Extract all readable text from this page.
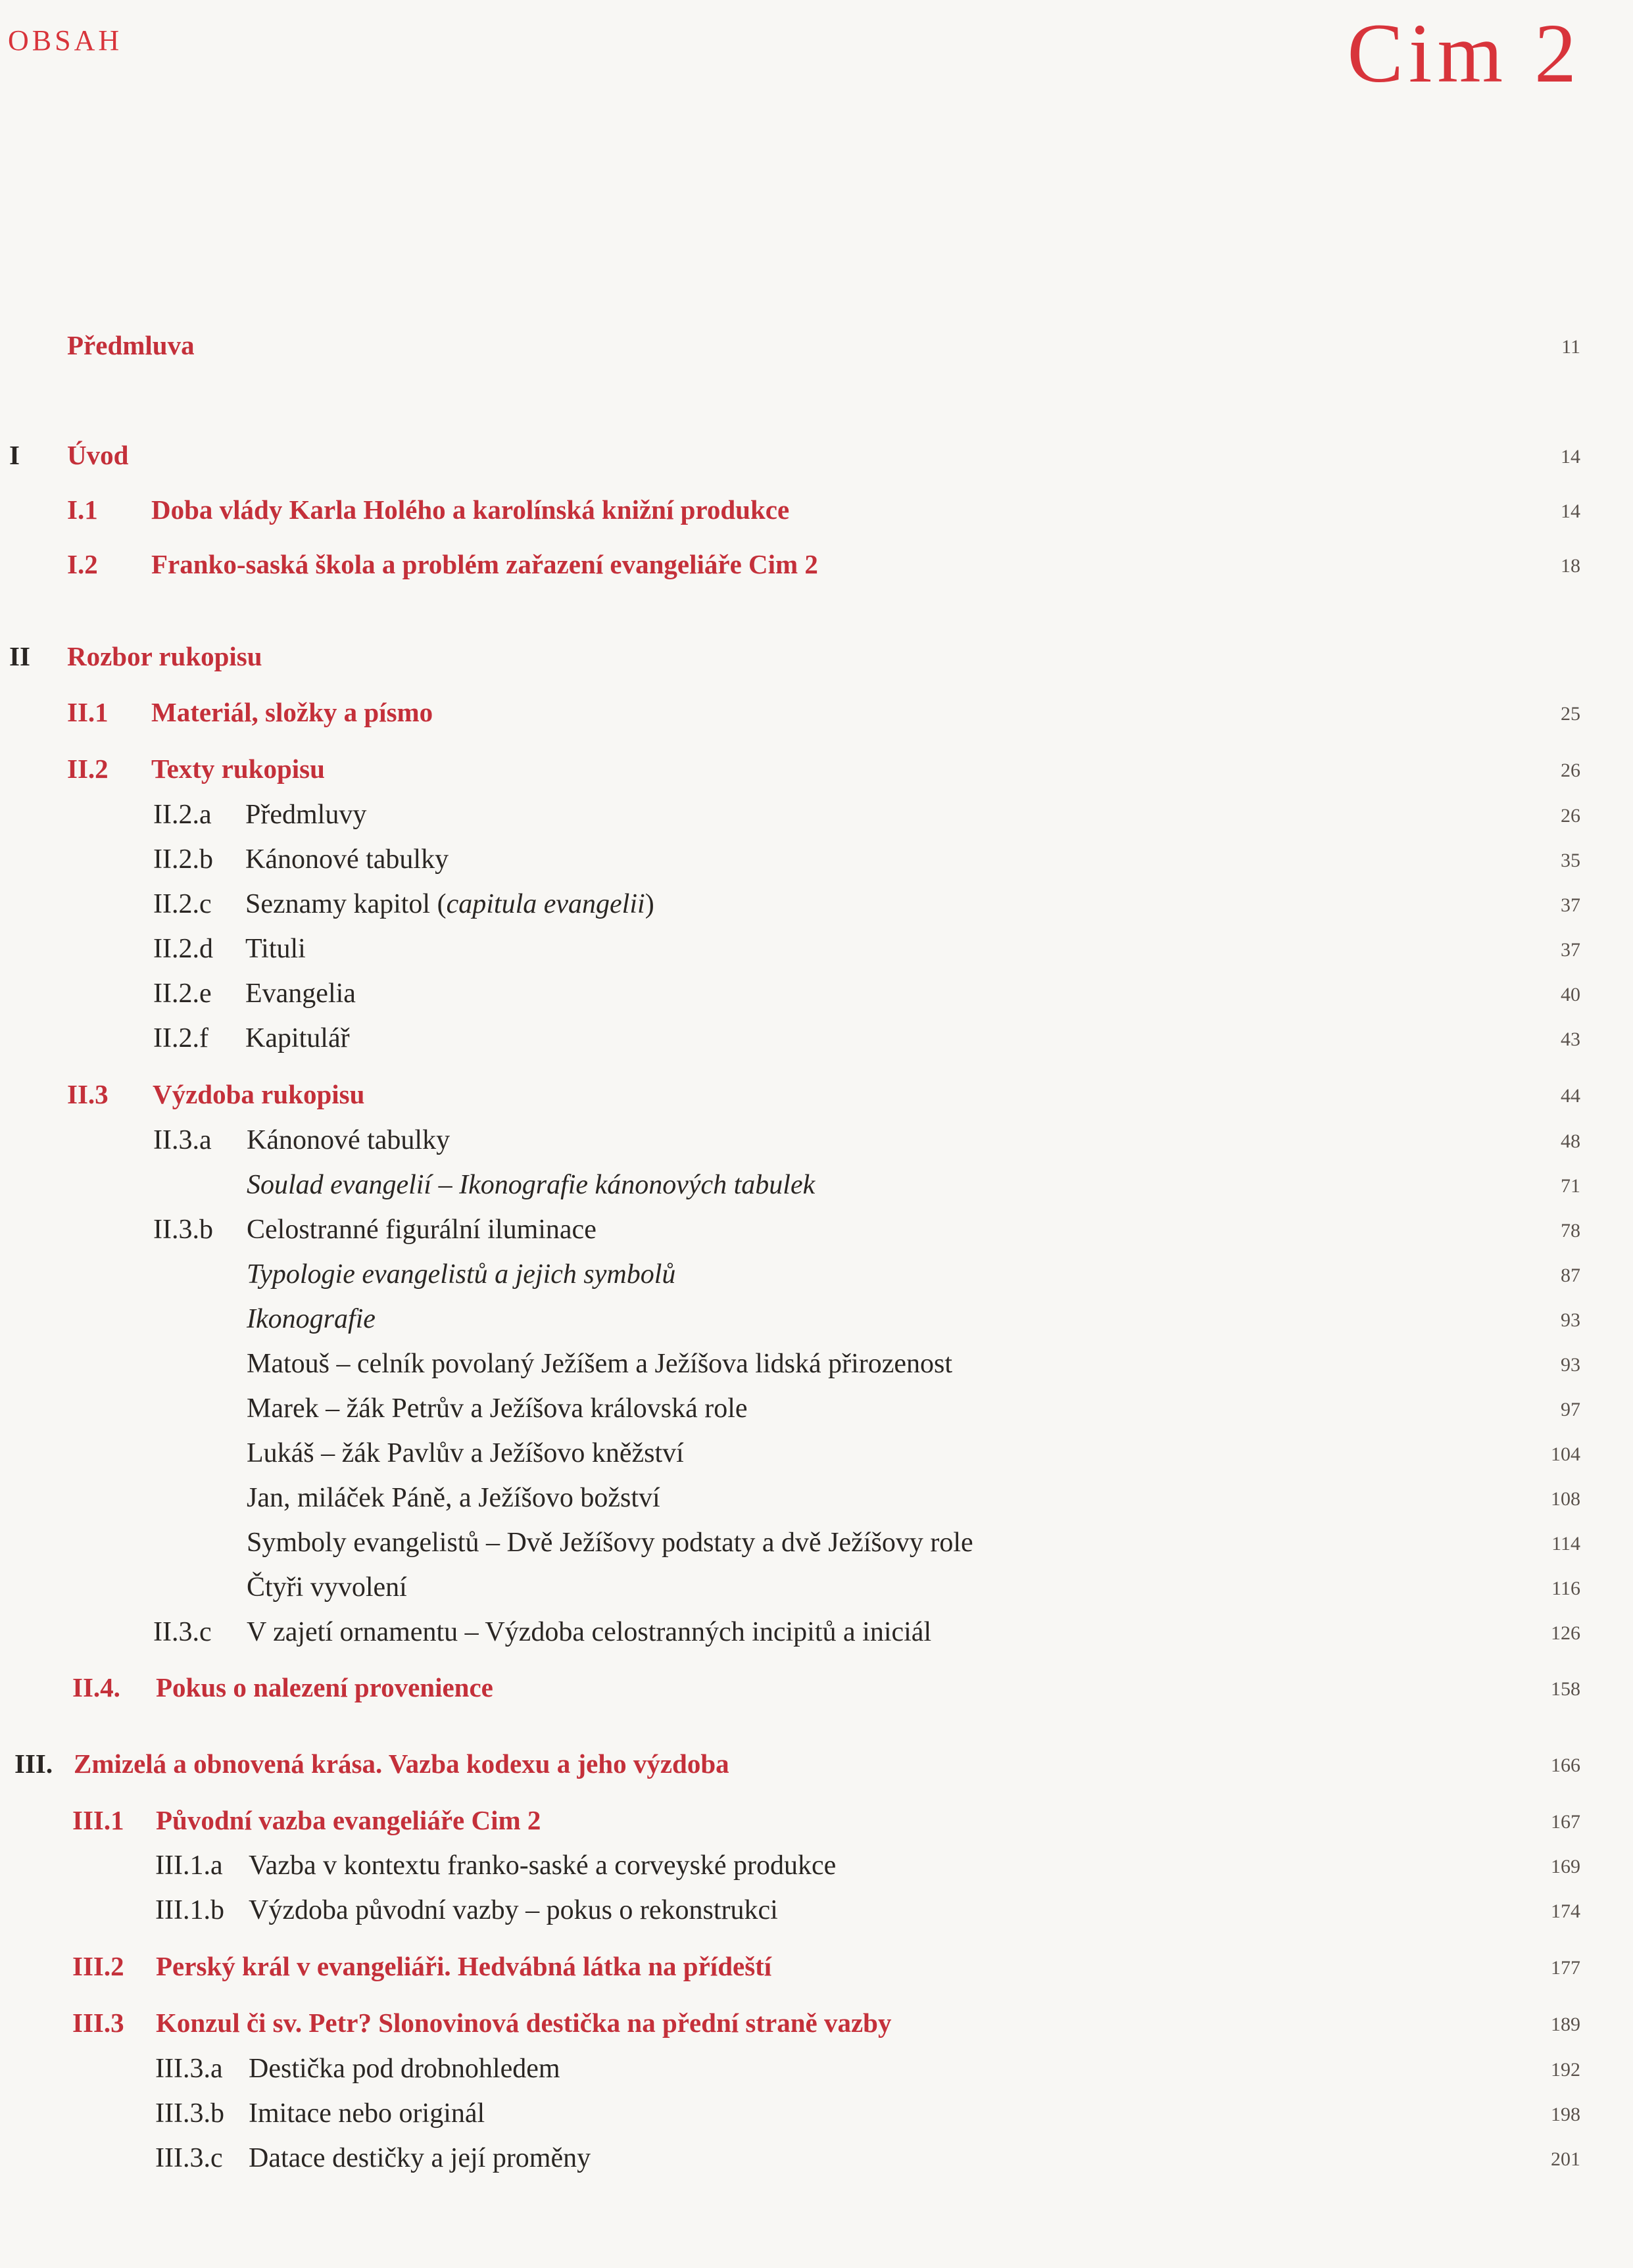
OBSAH	Cim 2
Předmluva	11
I Úvod	14
I.1 Doba vlády Karla Holého a karolínská knižní produkce	14
I.2 Franko-saská škola a problém zařazení evangeliáře Cim 2	18
II Rozbor rukopisu
II.1 Materiál, složky a písmo	25
II.2 Texty rukopisu	26
II.2.a Předmluvy	26
II.2.b Kánonové tabulky	35
II.2.c Seznamy kapitol (capitula evangelii)	37
II.2.d Tituli	37
II.2.e Evangelia	40
II.2.f Kapitulář	43
II.3 Výzdoba rukopisu	44
II.3.a Kánonové tabulky	48
Soulad evangelií – Ikonografie kánonových tabulek	71
II.3.b Celostranné figurální iluminace	78
Typologie evangelistů a jejich symbolů	87
Ikonografie	93
Matouš – celník povolaný Ježíšem a Ježíšova lidská přirozenost	93
Marek – žák Petrův a Ježíšova královská role	97
Lukáš – žák Pavlův a Ježíšovo kněžství	104
Jan, miláček Páně, a Ježíšovo božství	108
Symboly evangelistů – Dvě Ježíšovy podstaty a dvě Ježíšovy role	114
Čtyři vyvolení	116
II.3.c V zajetí ornamentu – Výzdoba celostranných incipitů a iniciál	126
II.4. Pokus o nalezení provenience	158
III. Zmizelá a obnovená krása. Vazba kodexu a jeho výzdoba	166
III.1 Původní vazba evangeliáře Cim 2	167
III.1.a Vazba v kontextu franko-saské a corveyské produkce	169
III.1.b Výzdoba původní vazby – pokus o rekonstrukci	174
III.2 Perský král v evangeliáři. Hedvábná látka na přídeští	177
III.3 Konzul či sv. Petr? Slonovinová destička na přední straně vazby	189
III.3.a Destička pod drobnohledem	192
III.3.b Imitace nebo originál	198
III.3.c Datace destičky a její proměny	201
